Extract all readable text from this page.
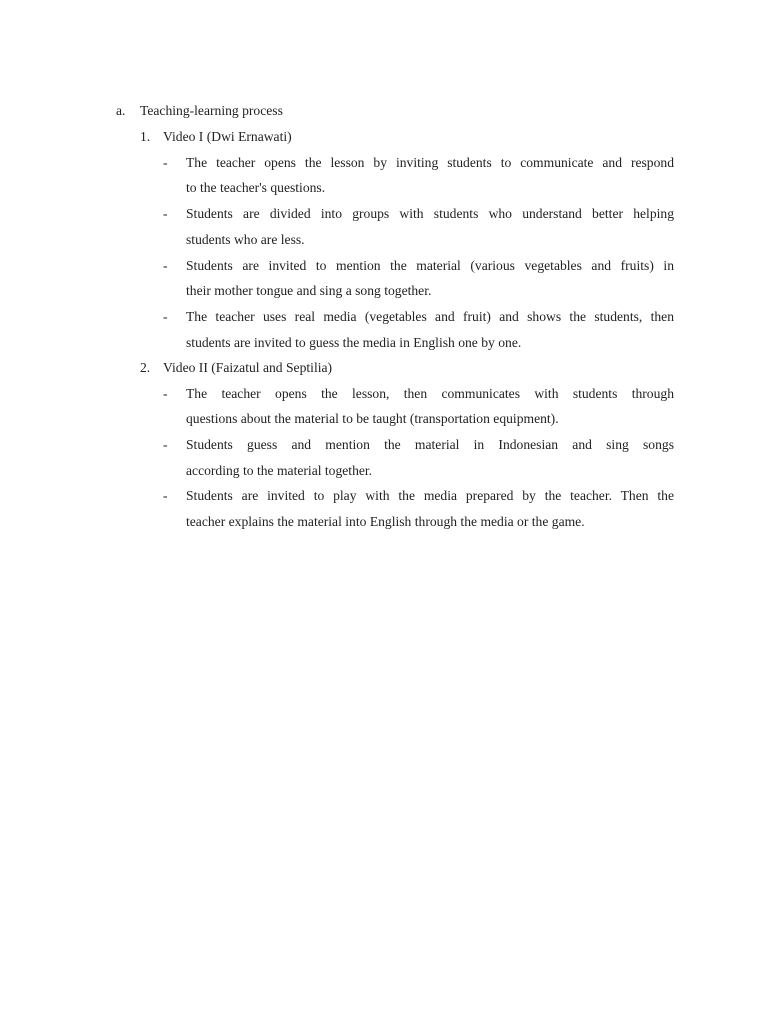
a. Teaching-learning process
1. Video I (Dwi Ernawati)
- The teacher opens the lesson by inviting students to communicate and respond
to the teacher's questions.
- Students are divided into groups with students who understand better helping
students who are less.
- Students are invited to mention the material (various vegetables and fruits) in
their mother tongue and sing a song together.
- The teacher uses real media (vegetables and fruit) and shows the students, then
students are invited to guess the media in English one by one.
2. Video II (Faizatul and Septilia)
- The teacher opens the lesson, then communicates with students through
questions about the material to be taught (transportation equipment).
- Students guess and mention the material in Indonesian and sing songs
according to the material together.
- Students are invited to play with the media prepared by the teacher. Then the
teacher explains the material into English through the media or the game.
